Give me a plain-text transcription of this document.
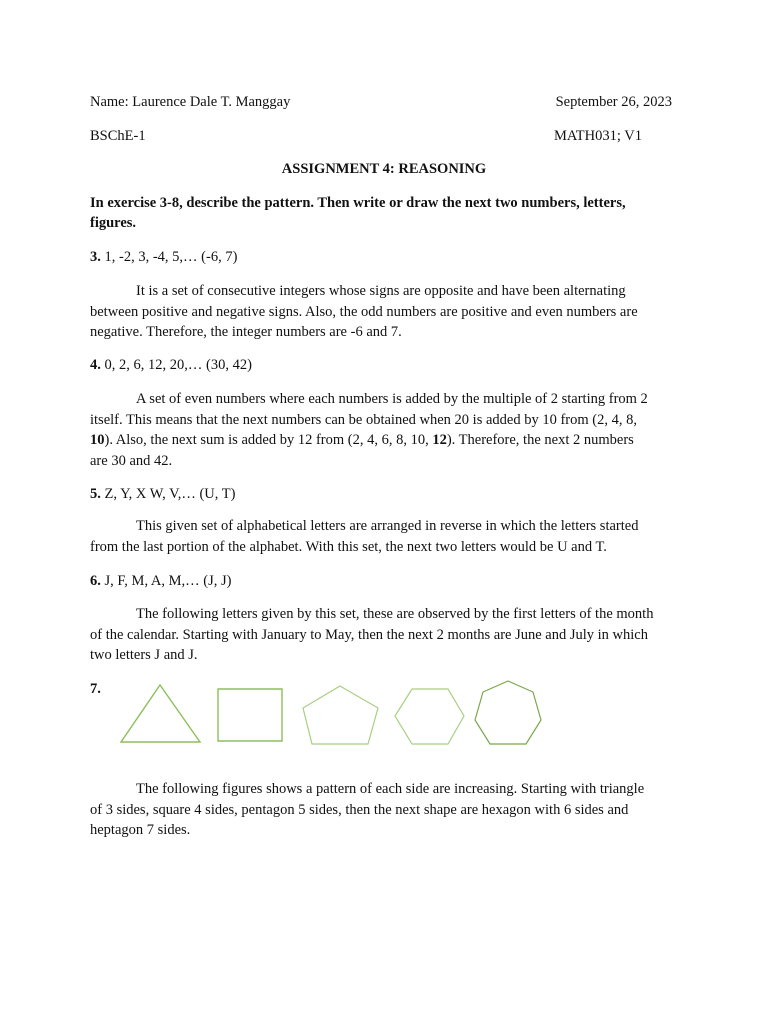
Name: Laurence Dale T. Manggay	September 26, 2023
BSChE-1	MATH031; V1
ASSIGNMENT 4: REASONING
In exercise 3-8, describe the pattern. Then write or draw the next two numbers, letters,
figures.
3. 1, -2, 3, -4, 5,… (-6, 7)

It is a set of consecutive integers whose signs are opposite and have been alternating

between positive and negative signs. Also, the odd numbers are positive and even numbers are

negative. Therefore, the integer numbers are -6 and 7.

4. 0, 2, 6, 12, 20,… (30, 42)

A set of even numbers where each numbers is added by the multiple of 2 starting from 2

itself. This means that the next numbers can be obtained when 20 is added by 10 from (2, 4, 8,

10). Also, the next sum is added by 12 from (2, 4, 6, 8, 10, 12). Therefore, the next 2 numbers

are 30 and 42.

5. Z, Y, X W, V,… (U, T)

This given set of alphabetical letters are arranged in reverse in which the letters started

from the last portion of the alphabet. With this set, the next two letters would be U and T.

6. J, F, M, A, M,… (J, J)

The following letters given by this set, these are observed by the first letters of the month

of the calendar. Starting with January to May, then the next 2 months are June and July in which

two letters J and J.

7.

The following figures shows a pattern of each side are increasing. Starting with triangle

of 3 sides, square 4 sides, pentagon 5 sides, then the next shape are hexagon with 6 sides and

heptagon 7 sides.
